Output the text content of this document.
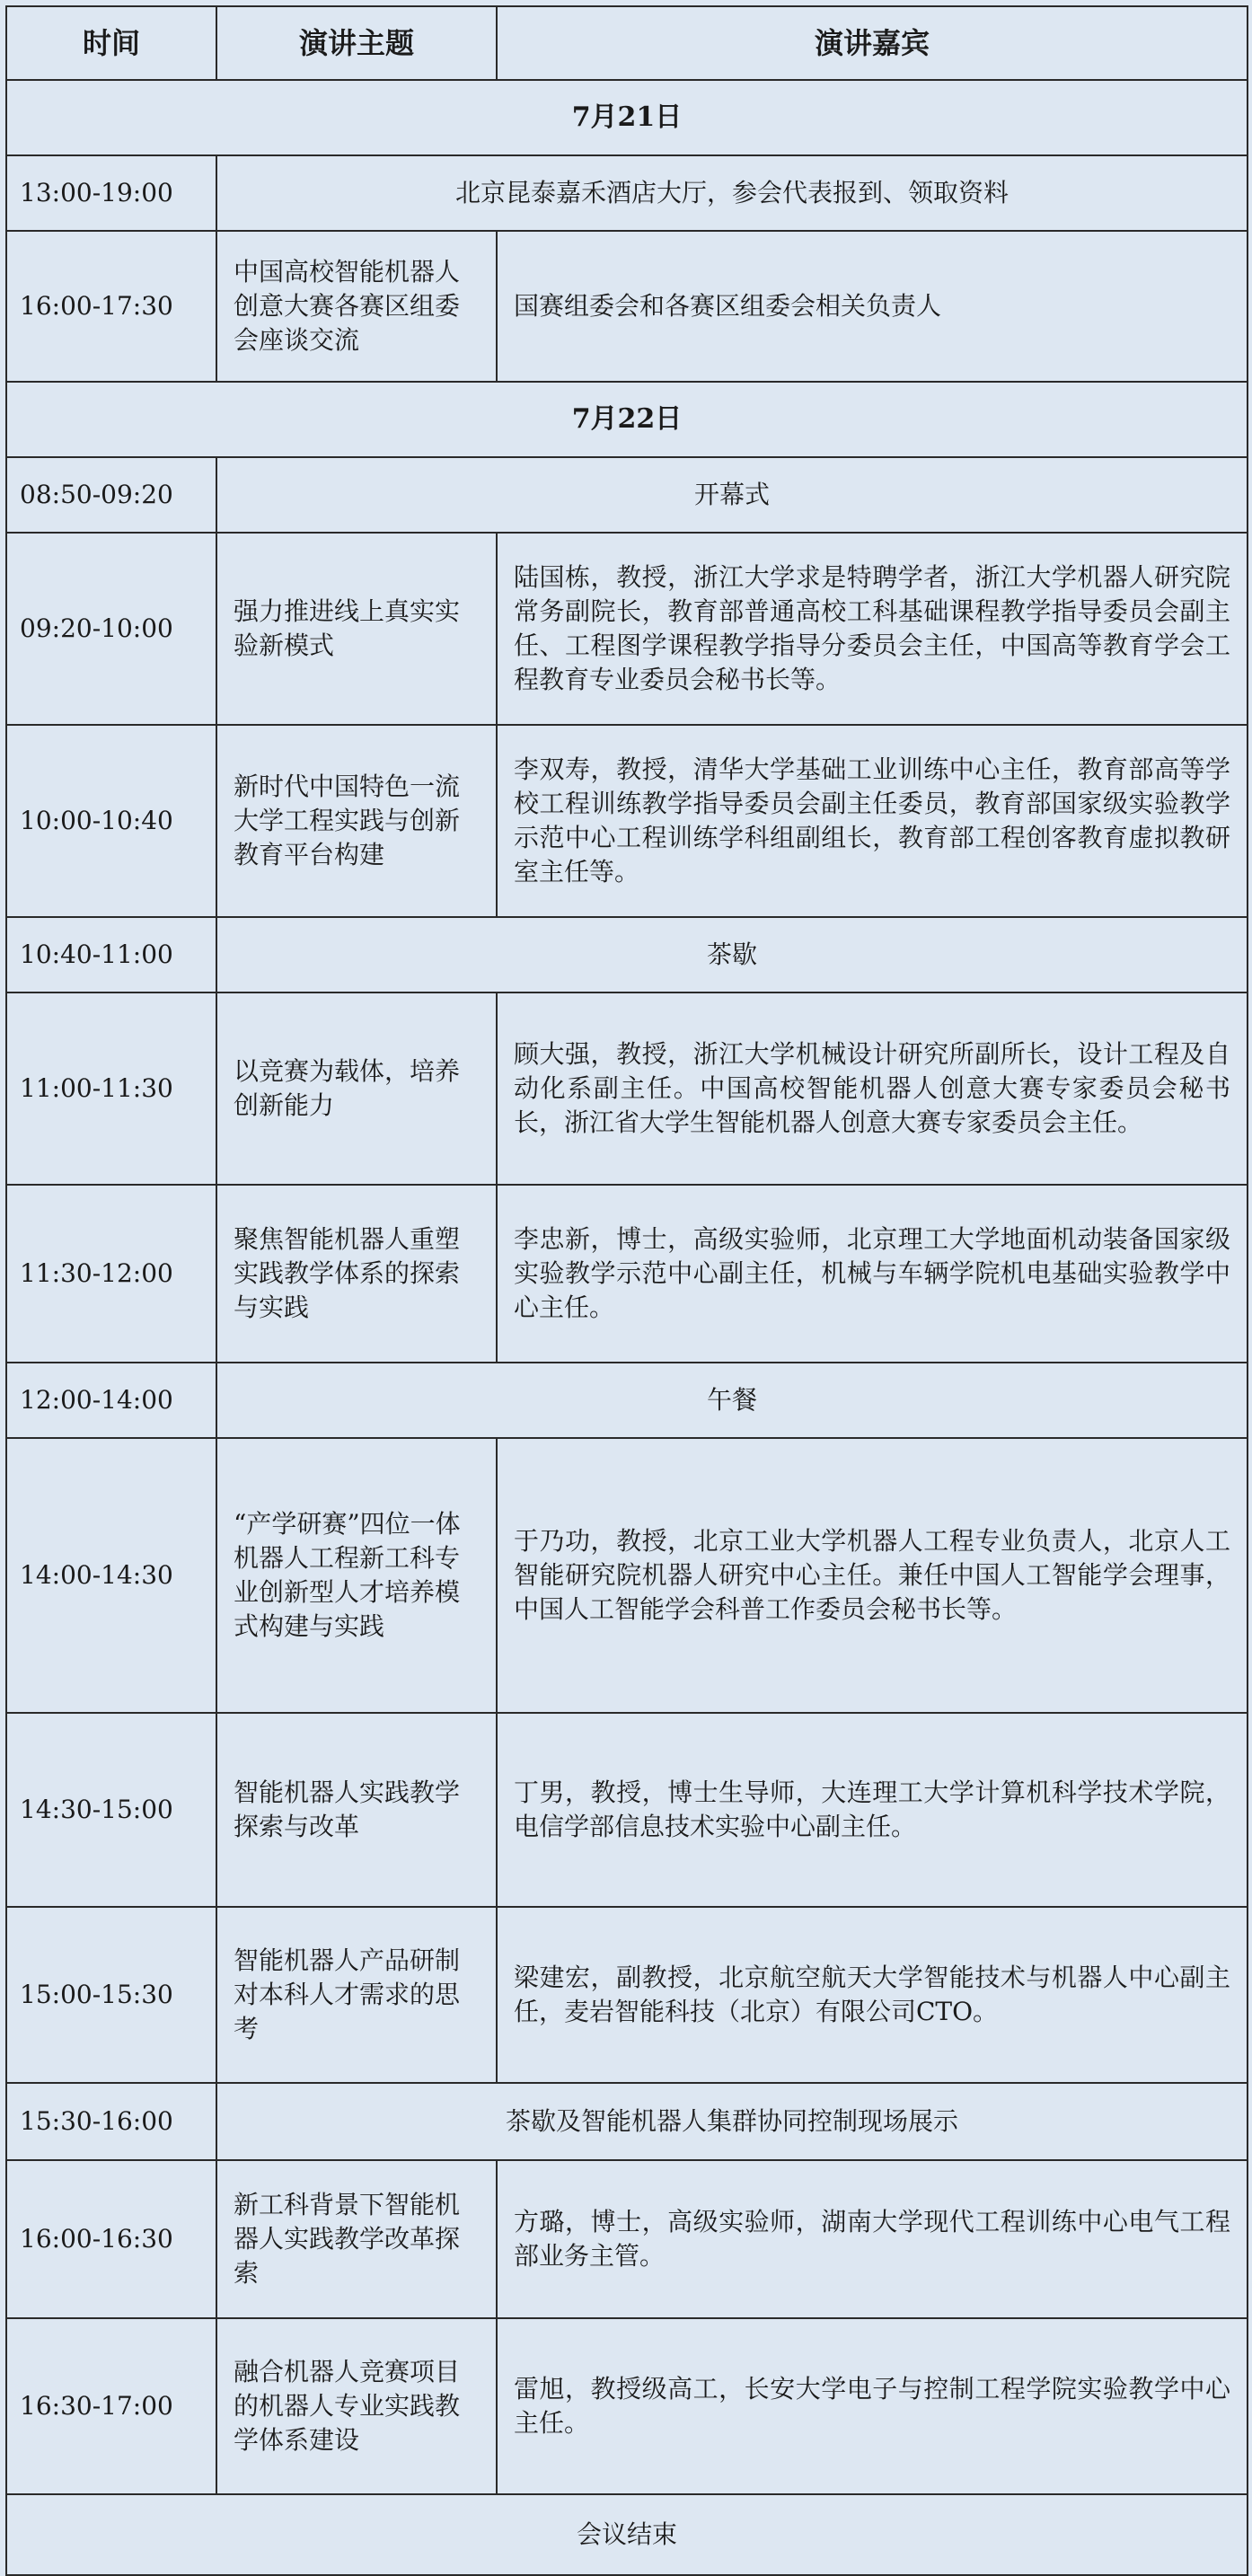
时间	演讲主题	演讲嘉宾
7月21日		
13:00-19:00	北京昆泰嘉禾酒店大厅，参会代表报到、领取资料	
16:00-17:30	中国高校智能机器人创意大赛各赛区组委会座谈交流	国赛组委会和各赛区组委会相关负责人
7月22日		
08:50-09:20	开幕式	
09:20-10:00	强力推进线上真实实验新模式	陆国栋，教授，浙江大学求是特聘学者，浙江大学机器人研究院常务副院长，教育部普通高校工科基础课程教学指导委员会副主任、工程图学课程教学指导分委员会主任，中国高等教育学会工程教育专业委员会秘书长等。
10:00-10:40	新时代中国特色一流大学工程实践与创新教育平台构建	李双寿，教授，清华大学基础工业训练中心主任，教育部高等学校工程训练教学指导委员会副主任委员，教育部国家级实验教学示范中心工程训练学科组副组长，教育部工程创客教育虚拟教研室主任等。
10:40-11:00	茶歇	
11:00-11:30	以竞赛为载体，培养创新能力	顾大强，教授，浙江大学机械设计研究所副所长，设计工程及自动化系副主任。中国高校智能机器人创意大赛专家委员会秘书长，浙江省大学生智能机器人创意大赛专家委员会主任。
11:30-12:00	聚焦智能机器人重塑实践教学体系的探索与实践	李忠新，博士，高级实验师，北京理工大学地面机动装备国家级实验教学示范中心副主任，机械与车辆学院机电基础实验教学中心主任。
12:00-14:00	午餐	
14:00-14:30	“产学研赛”四位一体机器人工程新工科专业创新型人才培养模式构建与实践	于乃功，教授，北京工业大学机器人工程专业负责人，北京人工智能研究院机器人研究中心主任。兼任中国人工智能学会理事，中国人工智能学会科普工作委员会秘书长等。
14:30-15:00	智能机器人实践教学探索与改革	丁男，教授，博士生导师，大连理工大学计算机科学技术学院，电信学部信息技术实验中心副主任。
15:00-15:30	智能机器人产品研制对本科人才需求的思考	梁建宏，副教授，北京航空航天大学智能技术与机器人中心副主任，麦岩智能科技（北京）有限公司CTO。
15:30-16:00	茶歇及智能机器人集群协同控制现场展示	
16:00-16:30	新工科背景下智能机器人实践教学改革探索	方璐，博士，高级实验师，湖南大学现代工程训练中心电气工程部业务主管。
16:30-17:00	融合机器人竞赛项目的机器人专业实践教学体系建设	雷旭，教授级高工，长安大学电子与控制工程学院实验教学中心主任。
会议结束		
